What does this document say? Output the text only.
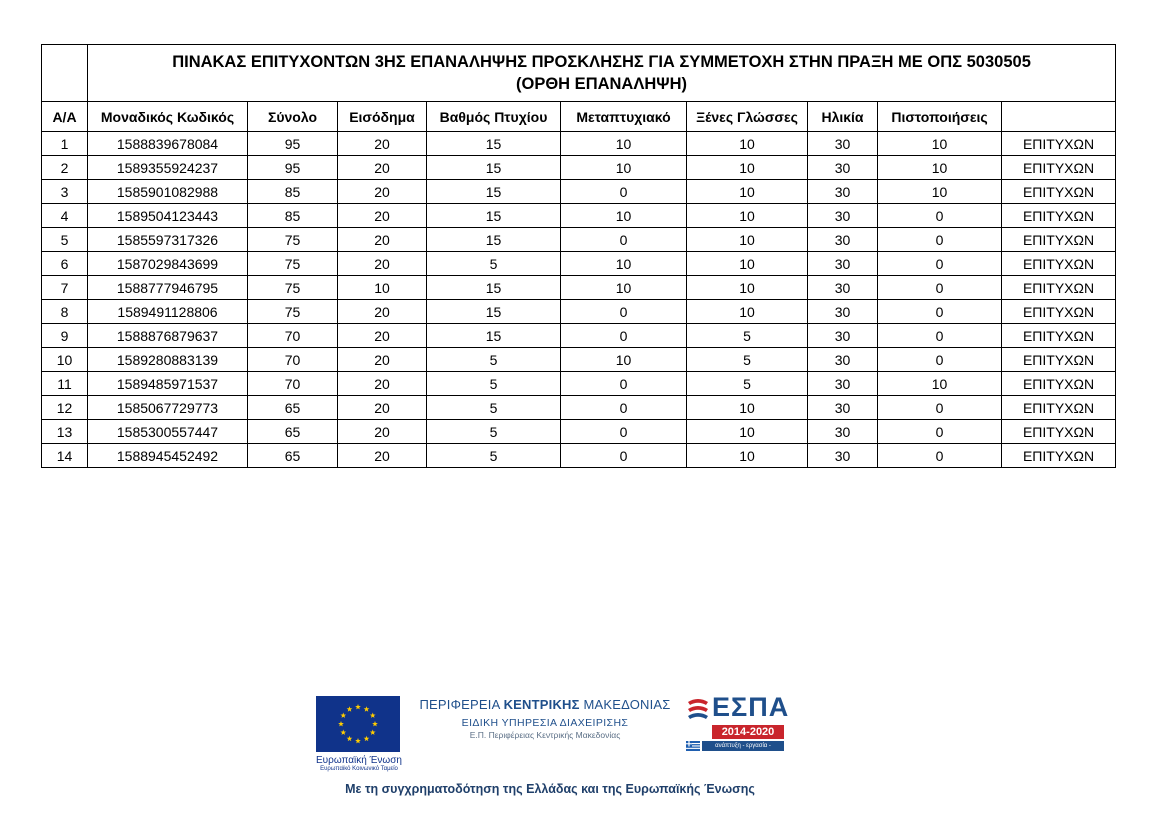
	ΠΙΝΑΚΑΣ ΕΠΙΤΥΧΟΝΤΩΝ 3ΗΣ ΕΠΑΝΑΛΗΨΗΣ ΠΡΟΣΚΛΗΣΗΣ ΓΙΑ ΣΥΜΜΕΤΟΧΗ ΣΤΗΝ ΠΡΑΞΗ ΜΕ ΟΠΣ 5030505
(ΟΡΘΗ ΕΠΑΝΑΛΗΨΗ)								
Α/Α	Μοναδικός Κωδικός	Σύνολο	Εισόδημα	Βαθμός Πτυχίου	Μεταπτυχιακό	Ξένες Γλώσσες	Ηλικία	Πιστοποιήσεις	
1	1588839678084	95	20	15	10	10	30	10	ΕΠΙΤΥΧΩΝ
2	1589355924237	95	20	15	10	10	30	10	ΕΠΙΤΥΧΩΝ
3	1585901082988	85	20	15	0	10	30	10	ΕΠΙΤΥΧΩΝ
4	1589504123443	85	20	15	10	10	30	0	ΕΠΙΤΥΧΩΝ
5	1585597317326	75	20	15	0	10	30	0	ΕΠΙΤΥΧΩΝ
6	1587029843699	75	20	5	10	10	30	0	ΕΠΙΤΥΧΩΝ
7	1588777946795	75	10	15	10	10	30	0	ΕΠΙΤΥΧΩΝ
8	1589491128806	75	20	15	0	10	30	0	ΕΠΙΤΥΧΩΝ
9	1588876879637	70	20	15	0	5	30	0	ΕΠΙΤΥΧΩΝ
10	1589280883139	70	20	5	10	5	30	0	ΕΠΙΤΥΧΩΝ
11	1589485971537	70	20	5	0	5	30	10	ΕΠΙΤΥΧΩΝ
12	1585067729773	65	20	5	0	10	30	0	ΕΠΙΤΥΧΩΝ
13	1585300557447	65	20	5	0	10	30	0	ΕΠΙΤΥΧΩΝ
14	1588945452492	65	20	5	0	10	30	0	ΕΠΙΤΥΧΩΝ
Ευρωπαϊκή Ένωση
Ευρωπαϊκό Κοινωνικό Ταμείο
ΠΕΡΙΦΕΡΕΙΑ ΚΕΝΤΡΙΚΗΣ ΜΑΚΕΔΟΝΙΑΣ
ΕΙΔΙΚΗ ΥΠΗΡΕΣΙΑ ΔΙΑΧΕΙΡΙΣΗΣ
Ε.Π. Περιφέρειας Κεντρικής Μακεδονίας
ΕΣΠΑ
2014-2020
ανάπτυξη - εργασία - αλληλεγγύη
Με τη συγχρηματοδότηση της Ελλάδας και της Ευρωπαϊκής Ένωσης
